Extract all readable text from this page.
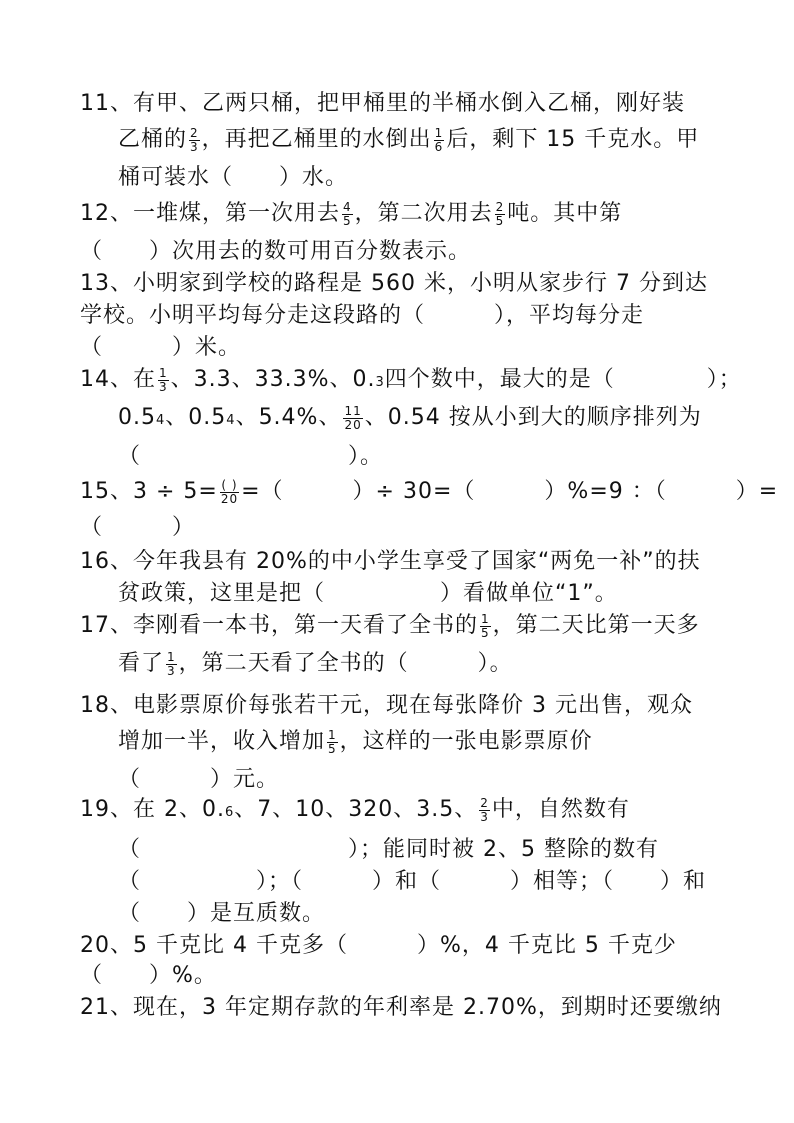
11、有甲、乙两只桶，把甲桶里的半桶水倒入乙桶，刚好装
乙桶的 $\frac{2}{3}$ ，再把乙桶里的水倒出 $\frac{1}{6}$ 后，剩下 15 千克水。甲
桶可装水（　　）水。
12、一堆煤，第一次用去 $\frac{4}{5}$ ，第二次用去 $\frac{2}{5}$ 吨。其中第
（　　）次用去的数可用百分数表示。
13、小明家到学校的路程是 560 米，小明从家步行 7 分到达
学校。小明平均每分走这段路的（　　　），平均每分走
（　　　）米。
14、在 $\frac{1}{3}$ 、3.3、33.3%、0.3四个数中，最大的是（　　　　）；
0.54、0.54、5.4%、 $\frac{11}{20}$ 、0.54 按从小到大的顺序排列为
（　　　　　　　　　）。
15、$3 \div 5= \frac{( )}{20}$ =（　　　）÷ 30=（　　　）%=9 ：（　　　）=
（　　　）
16、今年我县有 20%的中小学生享受了国家“两免一补”的扶
贫政策，这里是把（　　　　　）看做单位“1”。
17、李刚看一本书，第一天看了全书的 $\frac{1}{5}$ ，第二天比第一天多
看了 $\frac{1}{3}$ ，第二天看了全书的（　　　）。
18、电影票原价每张若干元，现在每张降价 3 元出售，观众
增加一半，收入增加 $\frac{1}{5}$ ，这样的一张电影票原价
（　　　）元。
19、在 2、0.6、7、10、320、3.5、 $\frac{2}{3}$ 中，自然数有
（　　　　　　　　　）；能同时被 2、5 整除的数有
（　　　　　）；（　　　）和（　　　）相等；（　　）和
（　　）是互质数。
20、5 千克比 4 千克多（　　　）%，4 千克比 5 千克少
（　　）%。
21、现在，3 年定期存款的年利率是 2.70%，到期时还要缴纳
